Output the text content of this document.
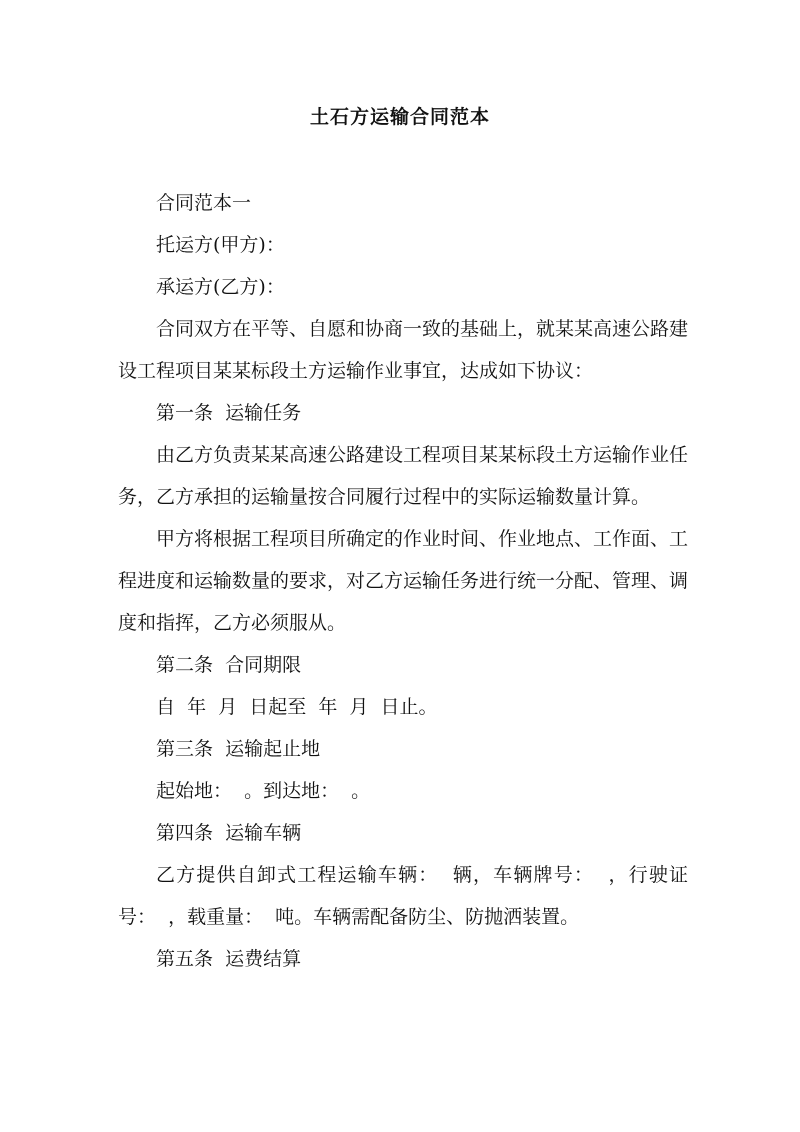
土石方运输合同范本

合同范本一

托运方(甲方)：

承运方(乙方)：

合同双方在平等、自愿和协商一致的基础上，就某某高速公路建设工程项目某某标段土方运输作业事宜，达成如下协议：

第一条  运输任务

由乙方负责某某高速公路建设工程项目某某标段土方运输作业任务，乙方承担的运输量按合同履行过程中的实际运输数量计算。

甲方将根据工程项目所确定的作业时间、作业地点、工作面、工程进度和运输数量的要求，对乙方运输任务进行统一分配、管理、调度和指挥，乙方必须服从。

第二条  合同期限

自  年  月  日起至  年  月  日止。

第三条  运输起止地

起始地：  。到达地：  。

第四条  运输车辆

乙方提供自卸式工程运输车辆：  辆，车辆牌号：  ，行驶证号：  ，载重量：  吨。车辆需配备防尘、防抛洒装置。

第五条  运费结算
